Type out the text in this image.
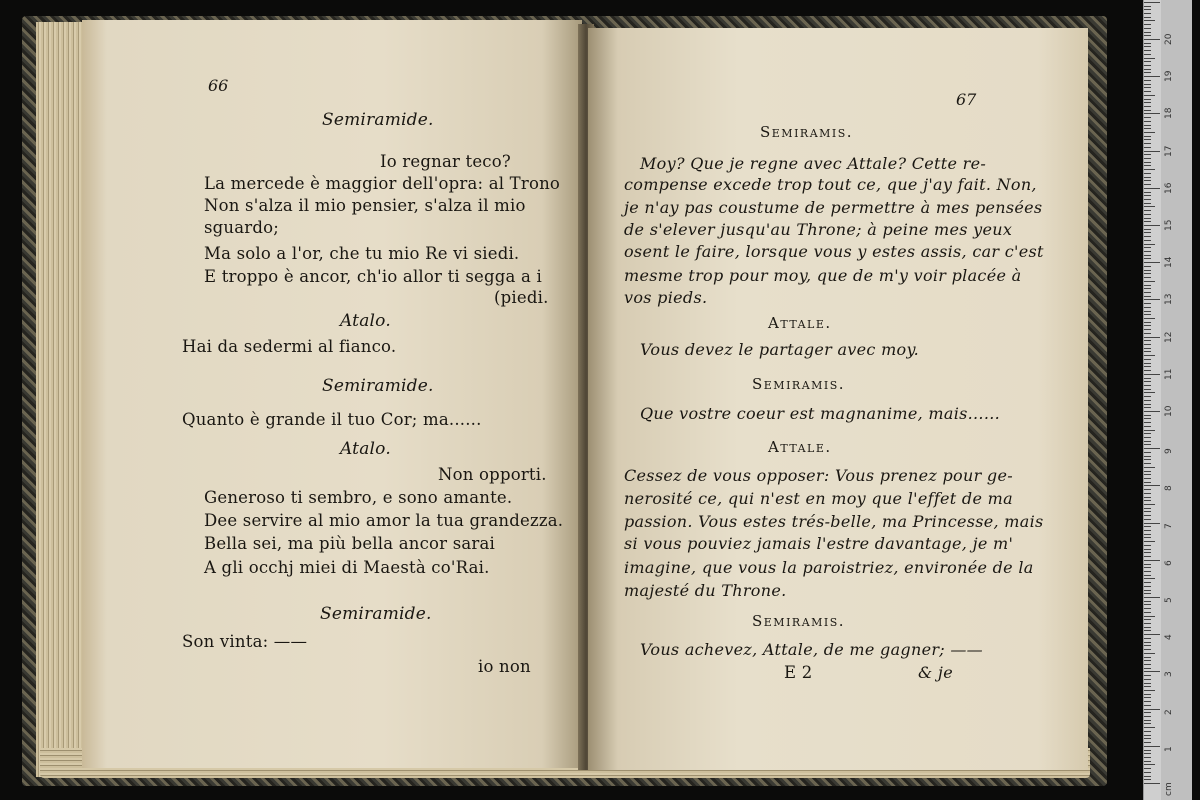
66
Semiramide.
Io regnar teco?
La mercede è maggior dell'opra: al Trono
Non s'alza il mio pensier, s'alza il mio
sguardo;
Ma solo a l'or, che tu mio Re vi siedi.
E troppo è ancor, ch'io allor ti segga a i
(piedi.
Atalo.
Hai da sedermi al fianco.
Semiramide.
Quanto è grande il tuo Cor; ma......
Atalo.
Non opporti.
Generoso ti sembro, e sono amante.
Dee servire al mio amor la tua grandezza.
Bella sei, ma più bella ancor sarai
A gli occhj miei di Maestà co'Rai.
Semiramide.
Son vinta: ——
io non
67
Semiramis.
Moy? Que je regne avec Attale? Cette re-
compense excede trop tout ce, que j'ay fait. Non,
je n'ay pas coustume de permettre à mes pensées
de s'elever jusqu'au Throne; à peine mes yeux
osent le faire, lorsque vous y estes assis, car c'est
mesme trop pour moy, que de m'y voir placée à
vos pieds.
Attale.
Vous devez le partager avec moy.
Semiramis.
Que vostre coeur est magnanime, mais......
Attale.
Cessez de vous opposer: Vous prenez pour ge-
nerosité ce, qui n'est en moy que l'effet de ma
passion. Vous estes trés-belle, ma Princesse, mais
si vous pouviez jamais l'estre davantage, je m'
imagine, que vous la paroistriez, environée de la
majesté du Throne.
Semiramis.
Vous achevez, Attale, de me gagner; ——
E 2	& je
1
2
3
4
5
6
7
8
9
10
11
12
13
14
15
16
17
18
19
20
cm
